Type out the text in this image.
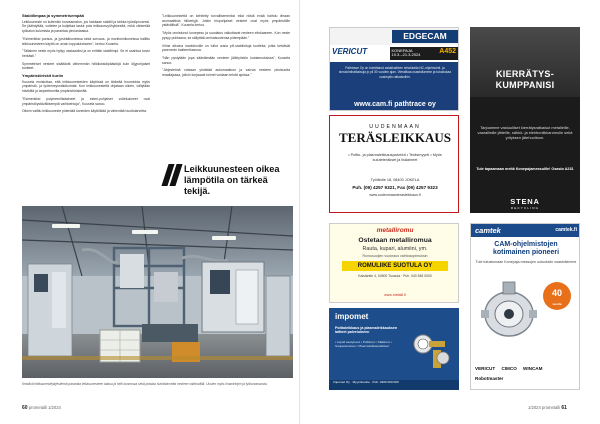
Stabiilimpaa ja symmetrisempää

Leikkuuneste on kuitenkin korvaamaton, jos halutaan stabiili ja tarkka työstöprosessi. Se jäähdyttää, voitelee ja kuljettaa lastut pois leikkausvyöhykkeeltä, mikä vähentää työkalun kulumista ja parantaa pinnanlaatua.

"Esimerkiksi poraus- ja jyrsintäkoneissa sekä sorvaus- ja monitoimikoneissa hallittu leikkuunesteen käyttö on avain lopputulokseen", kertoo Kuusela.

"Tällainen neste myös hyllyy vastaaviksi ja on erittäin stabiilimpi. Se ei vaahtoa kovin herkästi."

Symmetriset nesteet sisältävät vähemmän hiilidioksidipäästöjä kuin öljypohjaiset tuotteet.

Ympäristöriskit kuriin

Kuusela muistuttaa, että leikkuunesteiden käytössä on tärkeää huomioida myös ympäristö- ja työterveysnäkökohdat. Kun leikkuunestettä ohjataan oikein, vältytään hävikiltä ja tarpeettomilta ympäristöriskeiltä.

"Esimerkiksi polymeerilisäaineet ja esteri-pohjaiset voiteluaineet ovat ympäristöystävällisempiä vaihtoehtoja", Kuusela sanoo.

Oikein valittu leikkuuneste pidentää koneiden käyttöikää ja vähentää huoltotarvetta.

"Leikkuunestettä on kehitetty turvallisemmiksi eikä niistä enää haihdu ilmaan aromaattisia hiilivetyjä. Jotkin biopohjaiset nesteet ovat myös ympäristölle ystävällisiä", Kuusela kertoo.

"Myös onnistunut konepesu ja suodatus vaikuttavat nesteen elinkaareen. Kun neste pysyy puhtaana, se säilyttää ominaisuutensa pidempään."

Viime aikoina markkinoille on tullut uusia pH-stabiloituja tuotteita, jotka kestävät paremmin bakteerikasvua.

"Nän pystytään jopa säästämään nesteen jälkityöstön kustannuksissa", Kuusela sanoo.

"Järjestelmä voidaan yhdistää automaatioon ja valvoa nesteen pitoisuutta reaaliajassa, jolloin korjaavat toimet voidaan tehdä ajoissa."

Leikkuunesteen oikea lämpötila on tärkeä tekijä.
Kestävä leikkuunestejärjestelmä parantaa leikkuunesteen laatua ja helli kunnossa sekä poistaa huoltotarvetta nesteen vaihtoväliä. Uusien myös ilmavirtojen ja työturvanuosta.
60 prometalli 1/2024
EDGECAM
VERICUT	KONEPAJA
19.3.–21.3.2024	A452
Pathtrace Oy on toimittanut asiakkailleen tehokkaita NC-ohjelmointi- ja simulointiratkaisuja jo yli 30 vuoden ajan. Vierailkaa osastollamme ja tutustukaa uusimpiin ratkaisuihin.
www.cam.fi pathtrace oy
KIERRÄTYS-KUMPPANISI
Tarjoamme vastuulliset kierrätysratkaisut metalleille, vaarallisille jätteille, sähkö- ja elektroniikkaromulle sekä yrityksen jätehuoltoon.
Tule tapaamaan meitä Konepajamessuille! Osasto A231
STENA
RECYCLING
UUDENMAAN
TERÄSLEIKKAUS
• Poltto- ja plasmaleikkauspalvelut • Teräsmyynti • Myös kuluteteräkset ja lisäaineet
Työläntie 18, 08400 JOKELA
Puh. (09) 4257 9321, Fax (09) 4257 9323
www.uudenmaanterasleikkaus.fi
metalliromu
Ostetaan metalliromua
Rauta, kupari, alumiini, ym.
Romusuojien vuokraus vaihtosopimuksin
ROMULIIKE SUOTULA OY
Kaistantie 4, 04500 Tuusula · Puh. 040 548 0000
www.metalli.fi
impomet
Polttoleikkaus ja plasmaleikkauksen laitteet palveluineen
• Liquid asetyleeni • Polttimet • Säätimet • Suojavarusteet • Plasmaleikkauslaitteet
Impomet Oy · Myyntiosoite · Puh. 0400 000 000
camtek	camtek.fi
CAM-ohjelmistojen kotimainen pioneeri
Tule tutustumaan Konepaja-messujen uutuuksiin osastollemme
40
vuotta
VERICUT CIMCO WINCAM Robotmaster
1/2024 prometalli 61
